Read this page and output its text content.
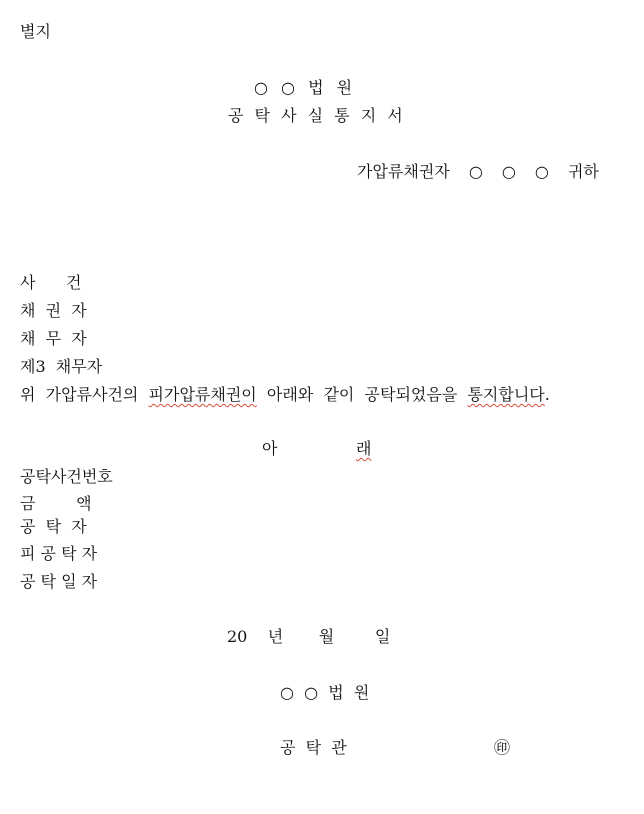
별지
○ ○ 법 원
공 탁 사 실 통 지 서
가압류채권자 ○ ○ ○ 귀하
사      건
채  권  자
채  무  자
제3  채무자
위  가압류사건의  피가압류채권이  아래와  같이  공탁되었음을  통지합니다.
아	래
공탁사건번호
금        액
공  탁  자
피 공 탁 자
공 탁 일 자
20    년       월        일
○  ○  법  원
공  탁  관	㊞
